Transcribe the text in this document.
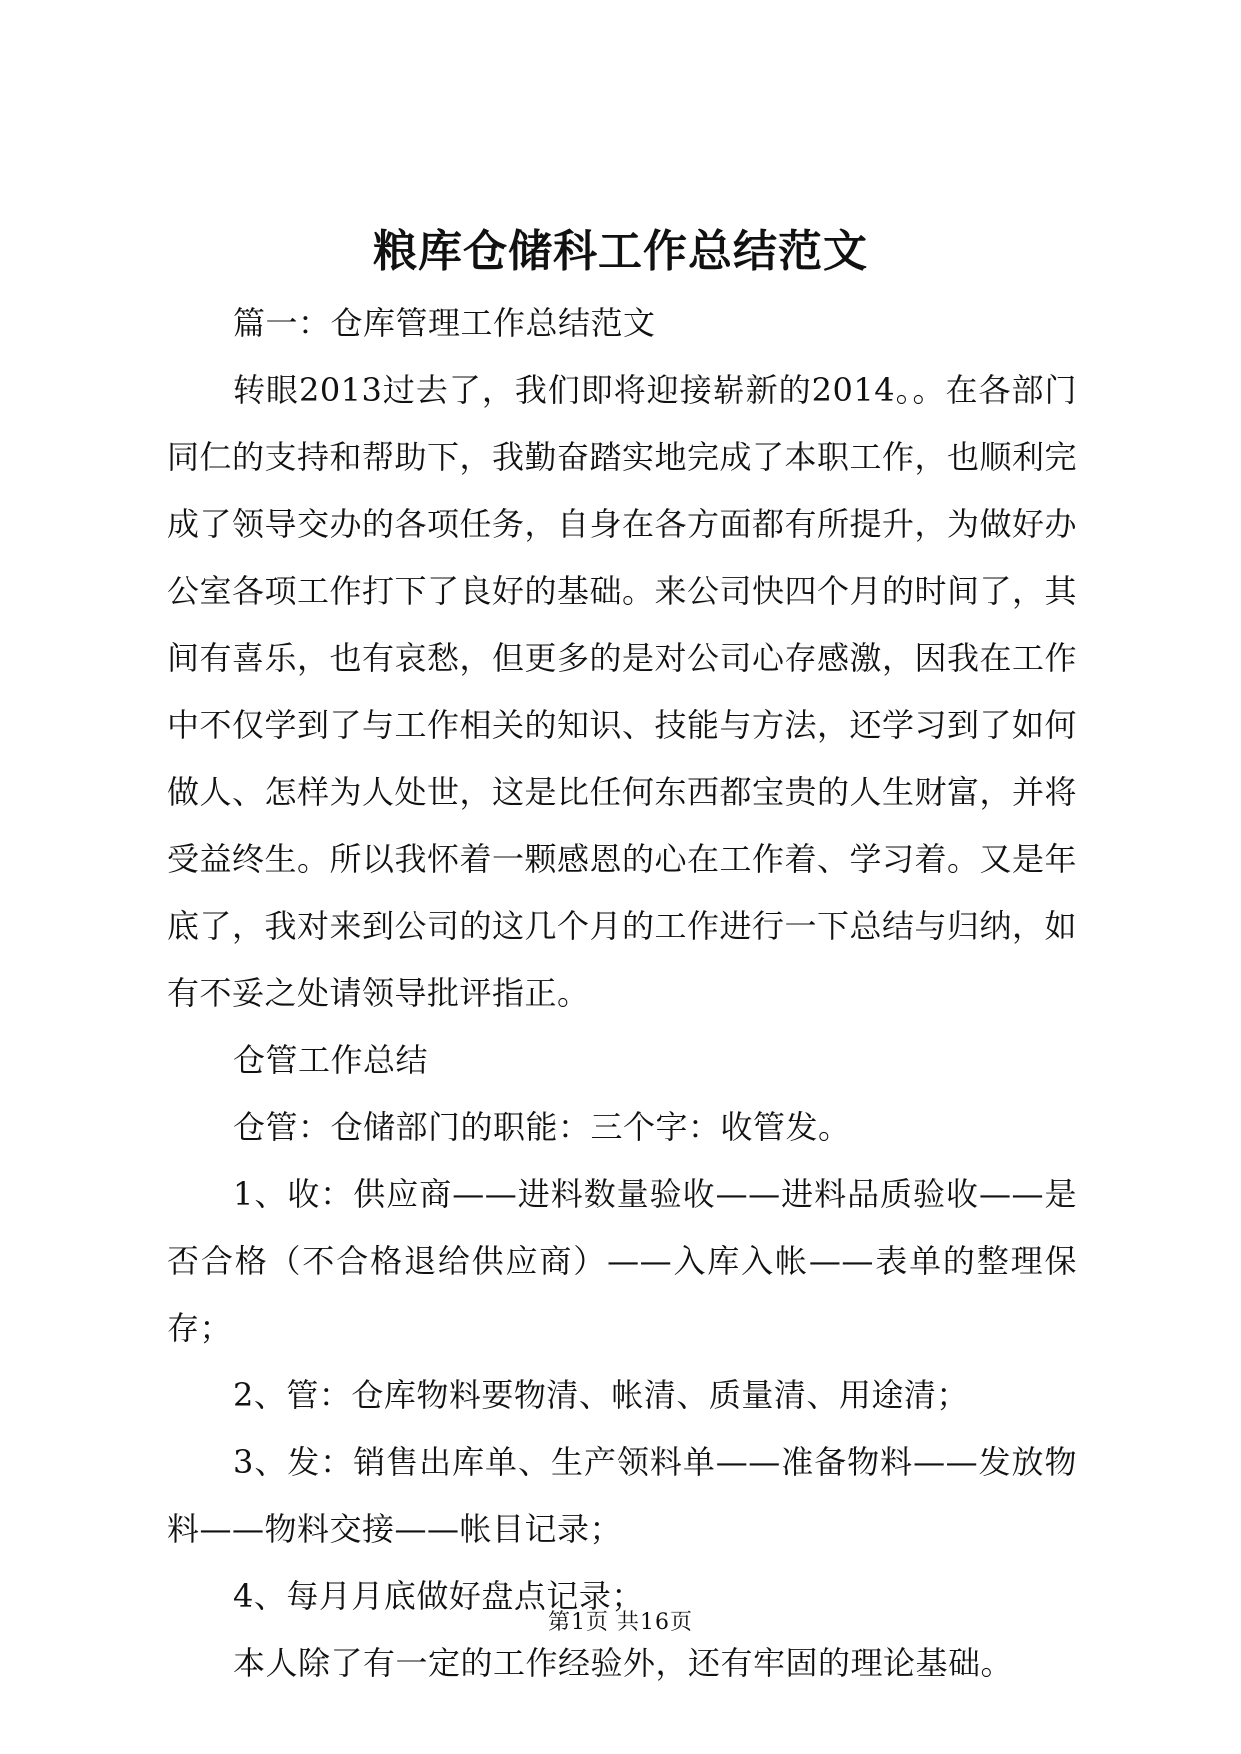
粮库仓储科工作总结范文

篇一：仓库管理工作总结范文

转眼2013过去了，我们即将迎接崭新的2014。。在各部门同仁的支持和帮助下，我勤奋踏实地完成了本职工作，也顺利完成了领导交办的各项任务，自身在各方面都有所提升，为做好办公室各项工作打下了良好的基础。来公司快四个月的时间了，其间有喜乐，也有哀愁，但更多的是对公司心存感激，因我在工作中不仅学到了与工作相关的知识、技能与方法，还学习到了如何做人、怎样为人处世，这是比任何东西都宝贵的人生财富，并将受益终生。所以我怀着一颗感恩的心在工作着、学习着。又是年底了，我对来到公司的这几个月的工作进行一下总结与归纳，如有不妥之处请领导批评指正。

仓管工作总结

仓管：仓储部门的职能：三个字：收管发。

1、收：供应商——进料数量验收——进料品质验收——是否合格（不合格退给供应商）——入库入帐——表单的整理保存；

2、管：仓库物料要物清、帐清、质量清、用途清；

3、发：销售出库单、生产领料单——准备物料——发放物料——物料交接——帐目记录；

4、每月月底做好盘点记录；

本人除了有一定的工作经验外，还有牢固的理论基础。

第1页 共16页
